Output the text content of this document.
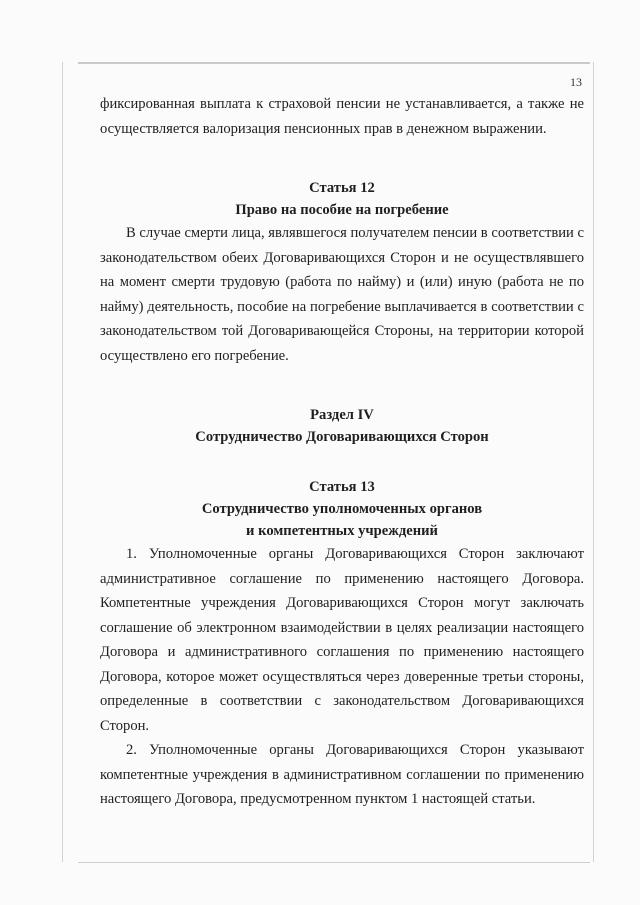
13

фиксированная выплата к страховой пенсии не устанавливается, а также не осуществляется валоризация пенсионных прав в денежном выражении.

Статья 12
Право на пособие на погребение

В случае смерти лица, являвшегося получателем пенсии в соответствии с законодательством обеих Договаривающихся Сторон и не осуществлявшего на момент смерти трудовую (работа по найму) и (или) иную (работа не по найму) деятельность, пособие на погребение выплачивается в соответствии с законодательством той Договаривающейся Стороны, на территории которой осуществлено его погребение.

Раздел IV
Сотрудничество Договаривающихся Сторон
Статья 13
Сотрудничество уполномоченных органов
и компетентных учреждений

1. Уполномоченные органы Договаривающихся Сторон заключают административное соглашение по применению настоящего Договора. Компетентные учреждения Договаривающихся Сторон могут заключать соглашение об электронном взаимодействии в целях реализации настоящего Договора и административного соглашения по применению настоящего Договора, которое может осуществляться через доверенные третьи стороны, определенные в соответствии с законодательством Договаривающихся Сторон.

2. Уполномоченные органы Договаривающихся Сторон указывают компетентные учреждения в административном соглашении по применению настоящего Договора, предусмотренном пунктом 1 настоящей статьи.
